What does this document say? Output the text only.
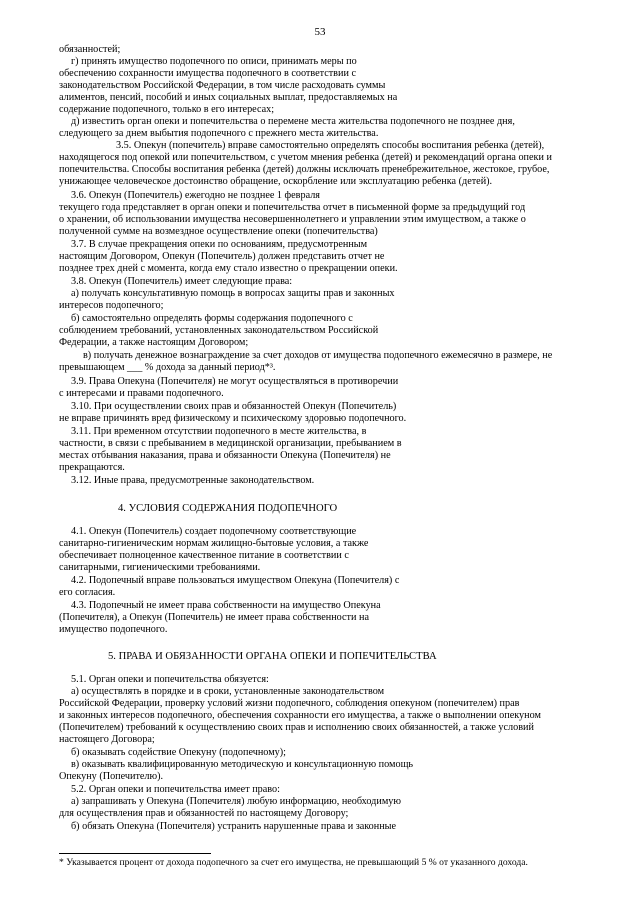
53
обязанностей;
г) принять имущество подопечного по описи, принимать меры по
обеспечению сохранности имущества подопечного в соответствии с
законодательством Российской Федерации, в том числе расходовать суммы
алиментов, пенсий, пособий и иных социальных выплат, предоставляемых на
содержание подопечного, только в его интересах;
д) известить орган опеки и попечительства о перемене места жительства подопечного не позднее дня,
следующего за днем выбытия подопечного с прежнего места жительства.
3.5. Опекун (попечитель) вправе самостоятельно определять способы воспитания ребенка (детей),
находящегося под опекой или попечительством, с учетом мнения ребенка (детей) и рекомендаций органа опеки и
попечительства. Способы воспитания ребенка (детей) должны исключать пренебрежительное, жестокое, грубое,
унижающее человеческое достоинство обращение, оскорбление или эксплуатацию ребенка (детей).
3.6. Опекун (Попечитель) ежегодно не позднее 1 февраля
текущего года представляет в орган опеки и попечительства отчет в письменной форме за предыдущий год
о хранении, об использовании имущества несовершеннолетнего и управлении этим имуществом, а также о
полученной сумме на возмездное осуществление опеки (попечительства)
3.7. В случае прекращения опеки по основаниям, предусмотренным
настоящим Договором, Опекун (Попечитель) должен представить отчет не
позднее трех дней с момента, когда ему стало известно о прекращении опеки.
3.8. Опекун (Попечитель) имеет следующие права:
а) получать консультативную помощь в вопросах защиты прав и законных
интересов подопечного;
б) самостоятельно определять формы содержания подопечного с
соблюдением требований, установленных законодательством Российской
Федерации, а также настоящим Договором;
в) получать денежное вознаграждение за счет доходов от имущества подопечного ежемесячно в размере, не
превышающем ___ % дохода за данный период*³.
3.9. Права Опекуна (Попечителя) не могут осуществляться в противоречии
с интересами и правами подопечного.
3.10. При осуществлении своих прав и обязанностей Опекун (Попечитель)
не вправе причинять вред физическому и психическому здоровью подопечного.
3.11. При временном отсутствии подопечного в месте жительства, в
частности, в связи с пребыванием в медицинской организации, пребыванием в
местах отбывания наказания, права и обязанности Опекуна (Попечителя) не
прекращаются.
3.12. Иные права, предусмотренные законодательством.
4. УСЛОВИЯ СОДЕРЖАНИЯ ПОДОПЕЧНОГО
4.1. Опекун (Попечитель) создает подопечному соответствующие
санитарно-гигиеническим нормам жилищно-бытовые условия, а также
обеспечивает полноценное качественное питание в соответствии с
санитарными, гигиеническими требованиями.
4.2. Подопечный вправе пользоваться имуществом Опекуна (Попечителя) с
его согласия.
4.3. Подопечный не имеет права собственности на имущество Опекуна
(Попечителя), а Опекун (Попечитель) не имеет права собственности на
имущество подопечного.
5. ПРАВА И ОБЯЗАННОСТИ ОРГАНА ОПЕКИ И ПОПЕЧИТЕЛЬСТВА
5.1. Орган опеки и попечительства обязуется:
а) осуществлять в порядке и в сроки, установленные законодательством
Российской Федерации, проверку условий жизни подопечного, соблюдения опекуном (попечителем) прав
и законных интересов подопечного, обеспечения сохранности его имущества, а также о выполнении опекуном
(Попечителем) требований к осуществлению своих прав и исполнению своих обязанностей, а также условий
настоящего Договора;
б) оказывать содействие Опекуну (подопечному);
в) оказывать квалифицированную методическую и консультационную помощь
Опекуну (Попечителю).
5.2. Орган опеки и попечительства имеет право:
а) запрашивать у Опекуна (Попечителя) любую информацию, необходимую
для осуществления прав и обязанностей по настоящему Договору;
б) обязать Опекуна (Попечителя) устранить нарушенные права и законные
* Указывается процент от дохода подопечного за счет его имущества, не превышающий 5 % от указанного дохода.
